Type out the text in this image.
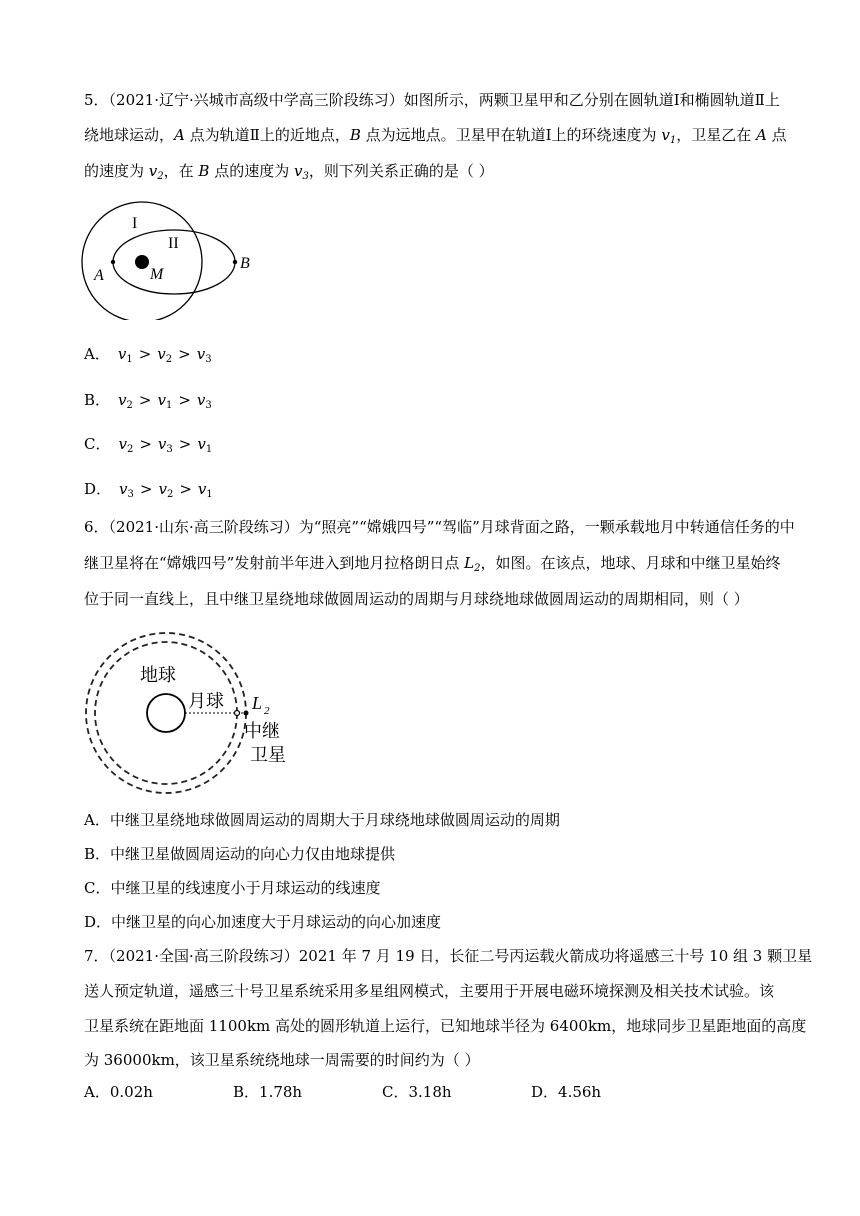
5．（2021·辽宁·兴城市高级中学高三阶段练习）如图所示，两颗卫星甲和乙分别在圆轨道Ⅰ和椭圆轨道Ⅱ上
绕地球运动，A 点为轨道Ⅱ上的近地点，B 点为远地点。卫星甲在轨道Ⅰ上的环绕速度为 $v_1$，卫星乙在 A 点
的速度为 $v_2$，在 B 点的速度为 $v_3$，则下列关系正确的是（ ）
I
II
A
B
M
A． $v_1 > v_2 > v_3$
B． $v_2 > v_1 > v_3$
C． $v_2 > v_3 > v_1$
D． $v_3 > v_2 > v_1$
6．（2021·山东·高三阶段练习）为“照亮”“嫦娥四号”“驾临”月球背面之路，一颗承载地月中转通信任务的中
继卫星将在“嫦娥四号”发射前半年进入到地月拉格朗日点 $L_2$，如图。在该点，地球、月球和中继卫星始终
位于同一直线上，且中继卫星绕地球做圆周运动的周期与月球绕地球做圆周运动的周期相同，则（ ）
地球
月球 L 2
中继
卫星
A．中继卫星绕地球做圆周运动的周期大于月球绕地球做圆周运动的周期
B．中继卫星做圆周运动的向心力仅由地球提供
C．中继卫星的线速度小于月球运动的线速度
D．中继卫星的向心加速度大于月球运动的向心加速度
7．（2021·全国·高三阶段练习）2021 年 7 月 19 日，长征二号丙运载火箭成功将遥感三十号 10 组 3 颗卫星
送人预定轨道，遥感三十号卫星系统采用多星组网模式，主要用于开展电磁环境探测及相关技术试验。该
卫星系统在距地面 1100km 高处的圆形轨道上运行，已知地球半径为 6400km，地球同步卫星距地面的高度
为 36000km，该卫星系统绕地球一周需要的时间约为（ ）
A．0.02h	B．1.78h	C．3.18h	D．4.56h
